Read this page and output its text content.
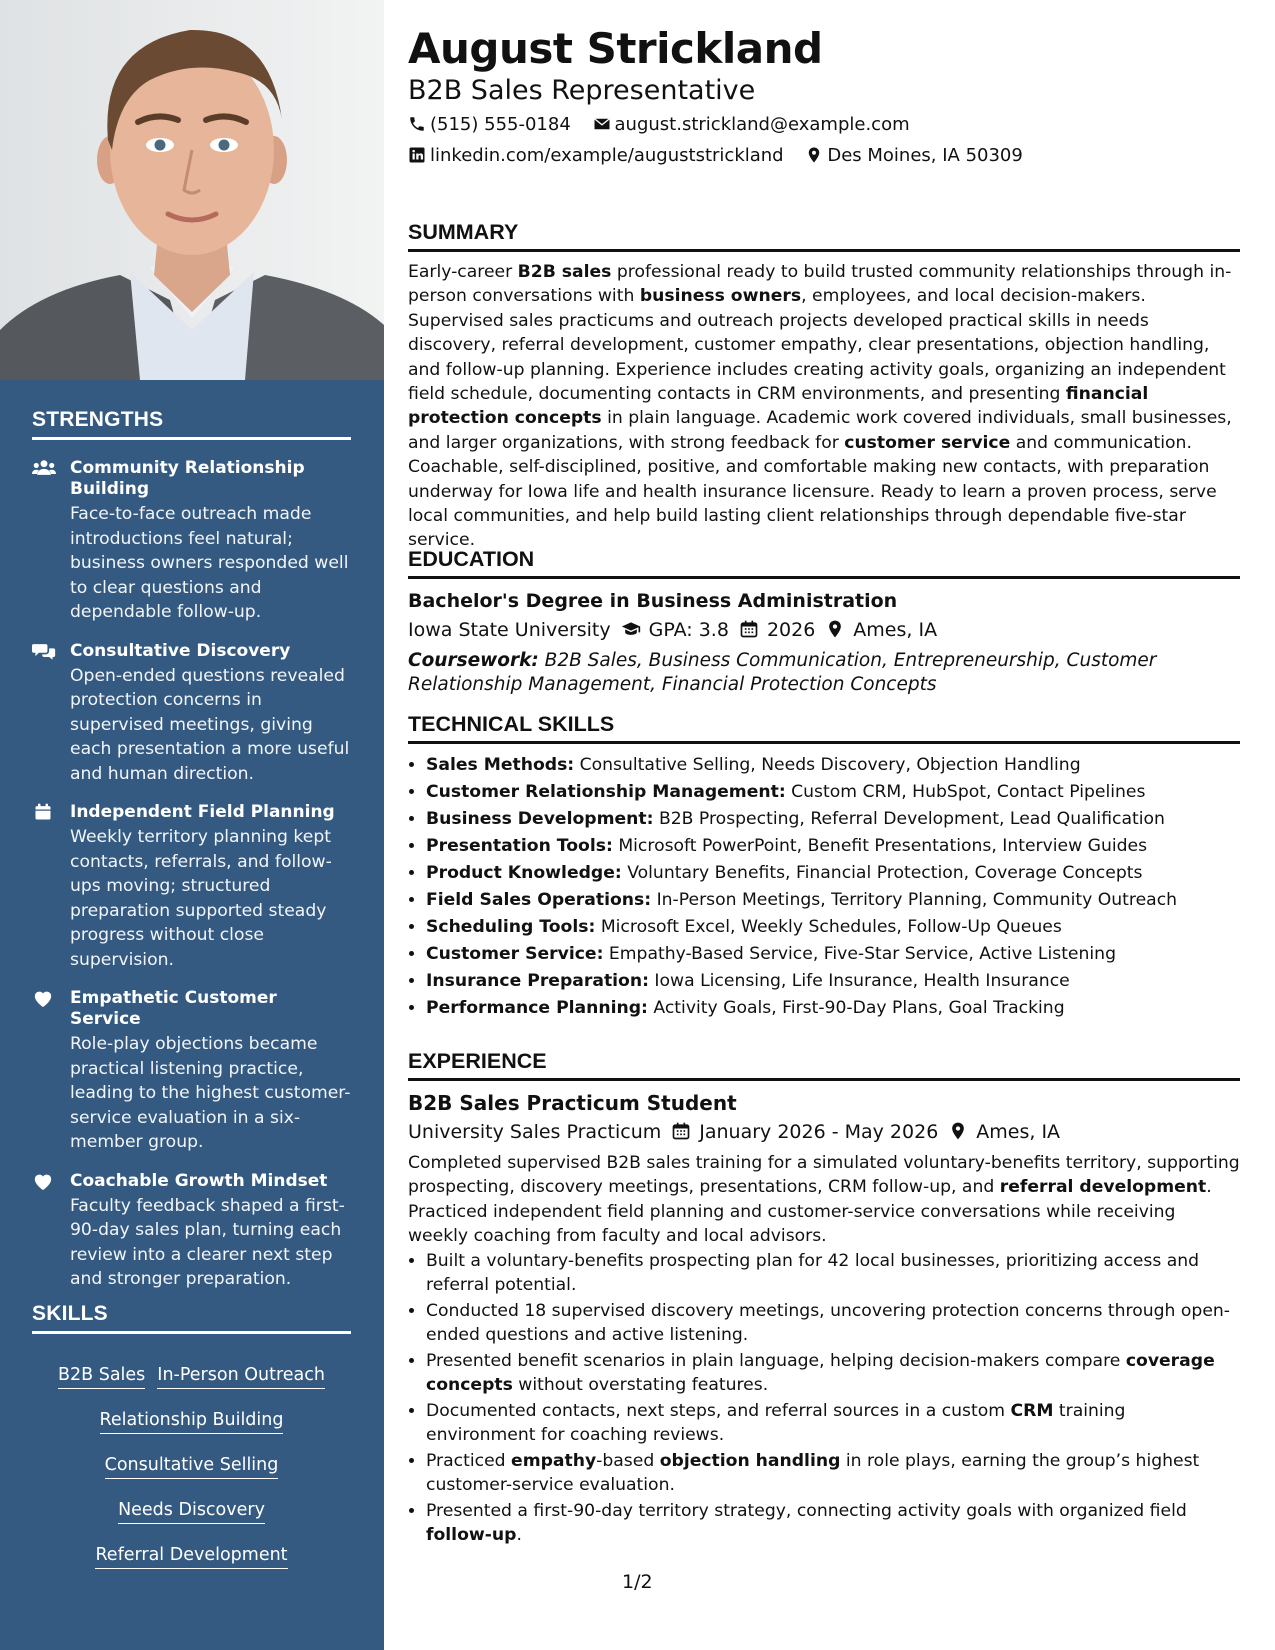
STRENGTHS
Community Relationship Building
Face-to-face outreach made introductions feel natural; business owners responded well to clear questions and dependable follow-up.
Consultative Discovery
Open-ended questions revealed protection concerns in supervised meetings, giving each presentation a more useful and human direction.
Independent Field Planning
Weekly territory planning kept contacts, referrals, and follow-ups moving; structured preparation supported steady progress without close supervision.
Empathetic Customer Service
Role-play objections became practical listening practice, leading to the highest customer-service evaluation in a six-member group.
Coachable Growth Mindset
Faculty feedback shaped a first-90-day sales plan, turning each review into a clearer next step and stronger preparation.
SKILLS
B2B Sales In-Person Outreach
Relationship Building
Consultative Selling
Needs Discovery
Referral Development

August Strickland
B2B Sales Representative
(515) 555-0184 august.strickland@example.com
linkedin.com/example/auguststrickland Des Moines, IA 50309
SUMMARY

Early-career B2B sales professional ready to build trusted community relationships through in-person conversations with business owners, employees, and local decision-makers. Supervised sales practicums and outreach projects developed practical skills in needs discovery, referral development, customer empathy, clear presentations, objection handling, and follow-up planning. Experience includes creating activity goals, organizing an independent field schedule, documenting contacts in CRM environments, and presenting financial protection concepts in plain language. Academic work covered individuals, small businesses, and larger organizations, with strong feedback for customer service and communication. Coachable, self-disciplined, positive, and comfortable making new contacts, with preparation underway for Iowa life and health insurance licensure. Ready to learn a proven process, serve local communities, and help build lasting client relationships through dependable five-star service.

EDUCATION
Bachelor's Degree in Business Administration
Iowa State University GPA: 3.8 2026 Ames, IA
Coursework: B2B Sales, Business Communication, Entrepreneurship, Customer Relationship Management, Financial Protection Concepts
TECHNICAL SKILLS
• Sales Methods: Consultative Selling, Needs Discovery, Objection Handling
• Customer Relationship Management: Custom CRM, HubSpot, Contact Pipelines
• Business Development: B2B Prospecting, Referral Development, Lead Qualification
• Presentation Tools: Microsoft PowerPoint, Benefit Presentations, Interview Guides
• Product Knowledge: Voluntary Benefits, Financial Protection, Coverage Concepts
• Field Sales Operations: In-Person Meetings, Territory Planning, Community Outreach
• Scheduling Tools: Microsoft Excel, Weekly Schedules, Follow-Up Queues
• Customer Service: Empathy-Based Service, Five-Star Service, Active Listening
• Insurance Preparation: Iowa Licensing, Life Insurance, Health Insurance
• Performance Planning: Activity Goals, First-90-Day Plans, Goal Tracking
EXPERIENCE
B2B Sales Practicum Student
University Sales Practicum January 2026 - May 2026 Ames, IA

Completed supervised B2B sales training for a simulated voluntary-benefits territory, supporting prospecting, discovery meetings, presentations, CRM follow-up, and referral development. Practiced independent field planning and customer-service conversations while receiving weekly coaching from faculty and local advisors.

• Built a voluntary-benefits prospecting plan for 42 local businesses, prioritizing access and referral potential.
• Conducted 18 supervised discovery meetings, uncovering protection concerns through open-ended questions and active listening.
• Presented benefit scenarios in plain language, helping decision-makers compare coverage concepts without overstating features.
• Documented contacts, next steps, and referral sources in a custom CRM training environment for coaching reviews.
• Practiced empathy-based objection handling in role plays, earning the group’s highest customer-service evaluation.
• Presented a first-90-day territory strategy, connecting activity goals with organized field follow-up.
1/2
